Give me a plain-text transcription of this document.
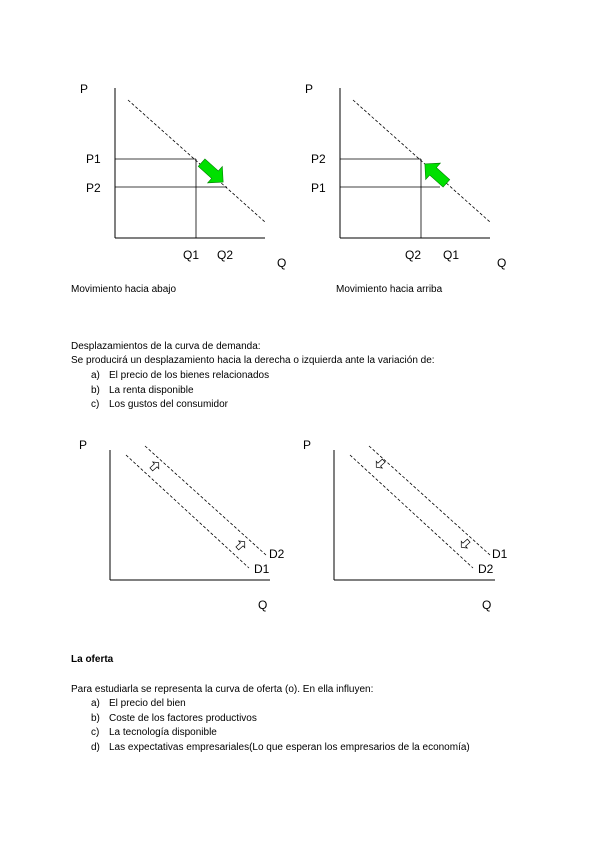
P
P1
P2
Q1 Q2
Q
Movimiento hacia abajo
P
P2
P1
Q2 Q1
Q
Movimiento hacia arriba
Desplazamientos de la curva de demanda:
Se producirá un desplazamiento hacia la derecha o izquierda ante la variación de:
a) El precio de los bienes relacionados
b) La renta disponible
c) Los gustos del consumidor
P
D2
D1
Q
P
D1
D2
Q
La oferta
Para estudiarla se representa la curva de oferta (o). En ella influyen:
a) El precio del bien
b) Coste de los factores productivos
c) La tecnología disponible
d) Las expectativas empresariales(Lo que esperan los empresarios de la economía)
